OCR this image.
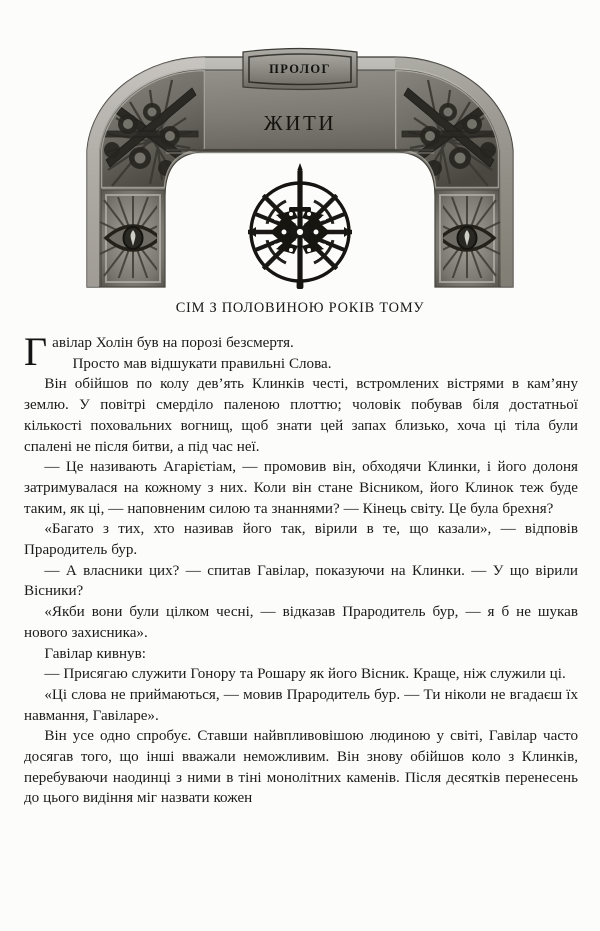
ПРОЛОГ
ЖИТИ
СІМ З ПОЛОВИНОЮ РОКІВ ТОМУ

Гавілар Холін був на порозі безсмертя.

Просто мав відшукати правильні Слова.

Він обійшов по колу дев’ять Клинків честі, встромлених вістрями в кам’яну землю. У повітрі смерділо паленою плоттю; чоловік побував біля достатньої кількості поховальних вогнищ, щоб знати цей запах близько, хоча ці тіла були спалені не після битви, а під час неї.

— Це називають Агарієтіам, — промовив він, обходячи Клинки, і його долоня затримувалася на кожному з них. Коли він стане Вісником, його Клинок теж буде таким, як ці, — наповненим силою та знаннями? — Кінець світу. Це була брехня?

«Багато з тих, хто називав його так, вірили в те, що казали», — відповів Прародитель бур.

— А власники цих? — спитав Гавілар, показуючи на Клинки. — У що вірили Вісники?

«Якби вони були цілком чесні, — відказав Прародитель бур, — я б не шукав нового захисника».

Гавілар кивнув:

— Присягаю служити Гонору та Рошару як його Вісник. Краще, ніж служили ці.

«Ці слова не приймаються, — мовив Прародитель бур. — Ти ніколи не вгадаєш їх навмання, Гавіларе».

Він усе одно спробує. Ставши найвпливовішою людиною у світі, Гавілар часто досягав того, що інші вважали неможливим. Він знову обійшов коло з Клинків, перебуваючи наодинці з ними в тіні монолітних каменів. Після десятків перенесень до цього видіння міг назвати кожен
